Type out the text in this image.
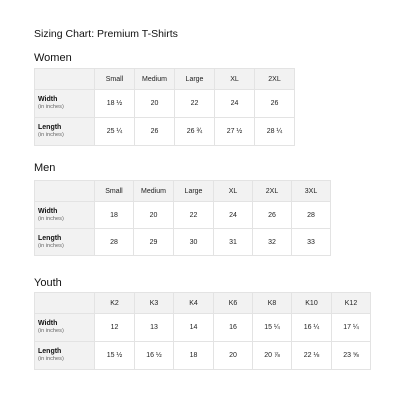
Sizing Chart: Premium T-Shirts
Women
	Small	Medium	Large	XL	2XL

Width
(in inches)	18 ½	20	22	24	26

Length
(in inches)	25 ¼	26	26 ¾	27 ½	28 ¼
Men
	Small	Medium	Large	XL	2XL	3XL

Width
(in inches)	18	20	22	24	26	28

Length
(in inches)	28	29	30	31	32	33
Youth
	K2	K3	K4	K6	K8	K10	K12

Width
(in inches)	12	13	14	16	15 ¼	16 ¼	17 ¼

Length
(in inches)	15 ½	16 ½	18	20	20 ⅞	22 ⅛	23 ⅝
